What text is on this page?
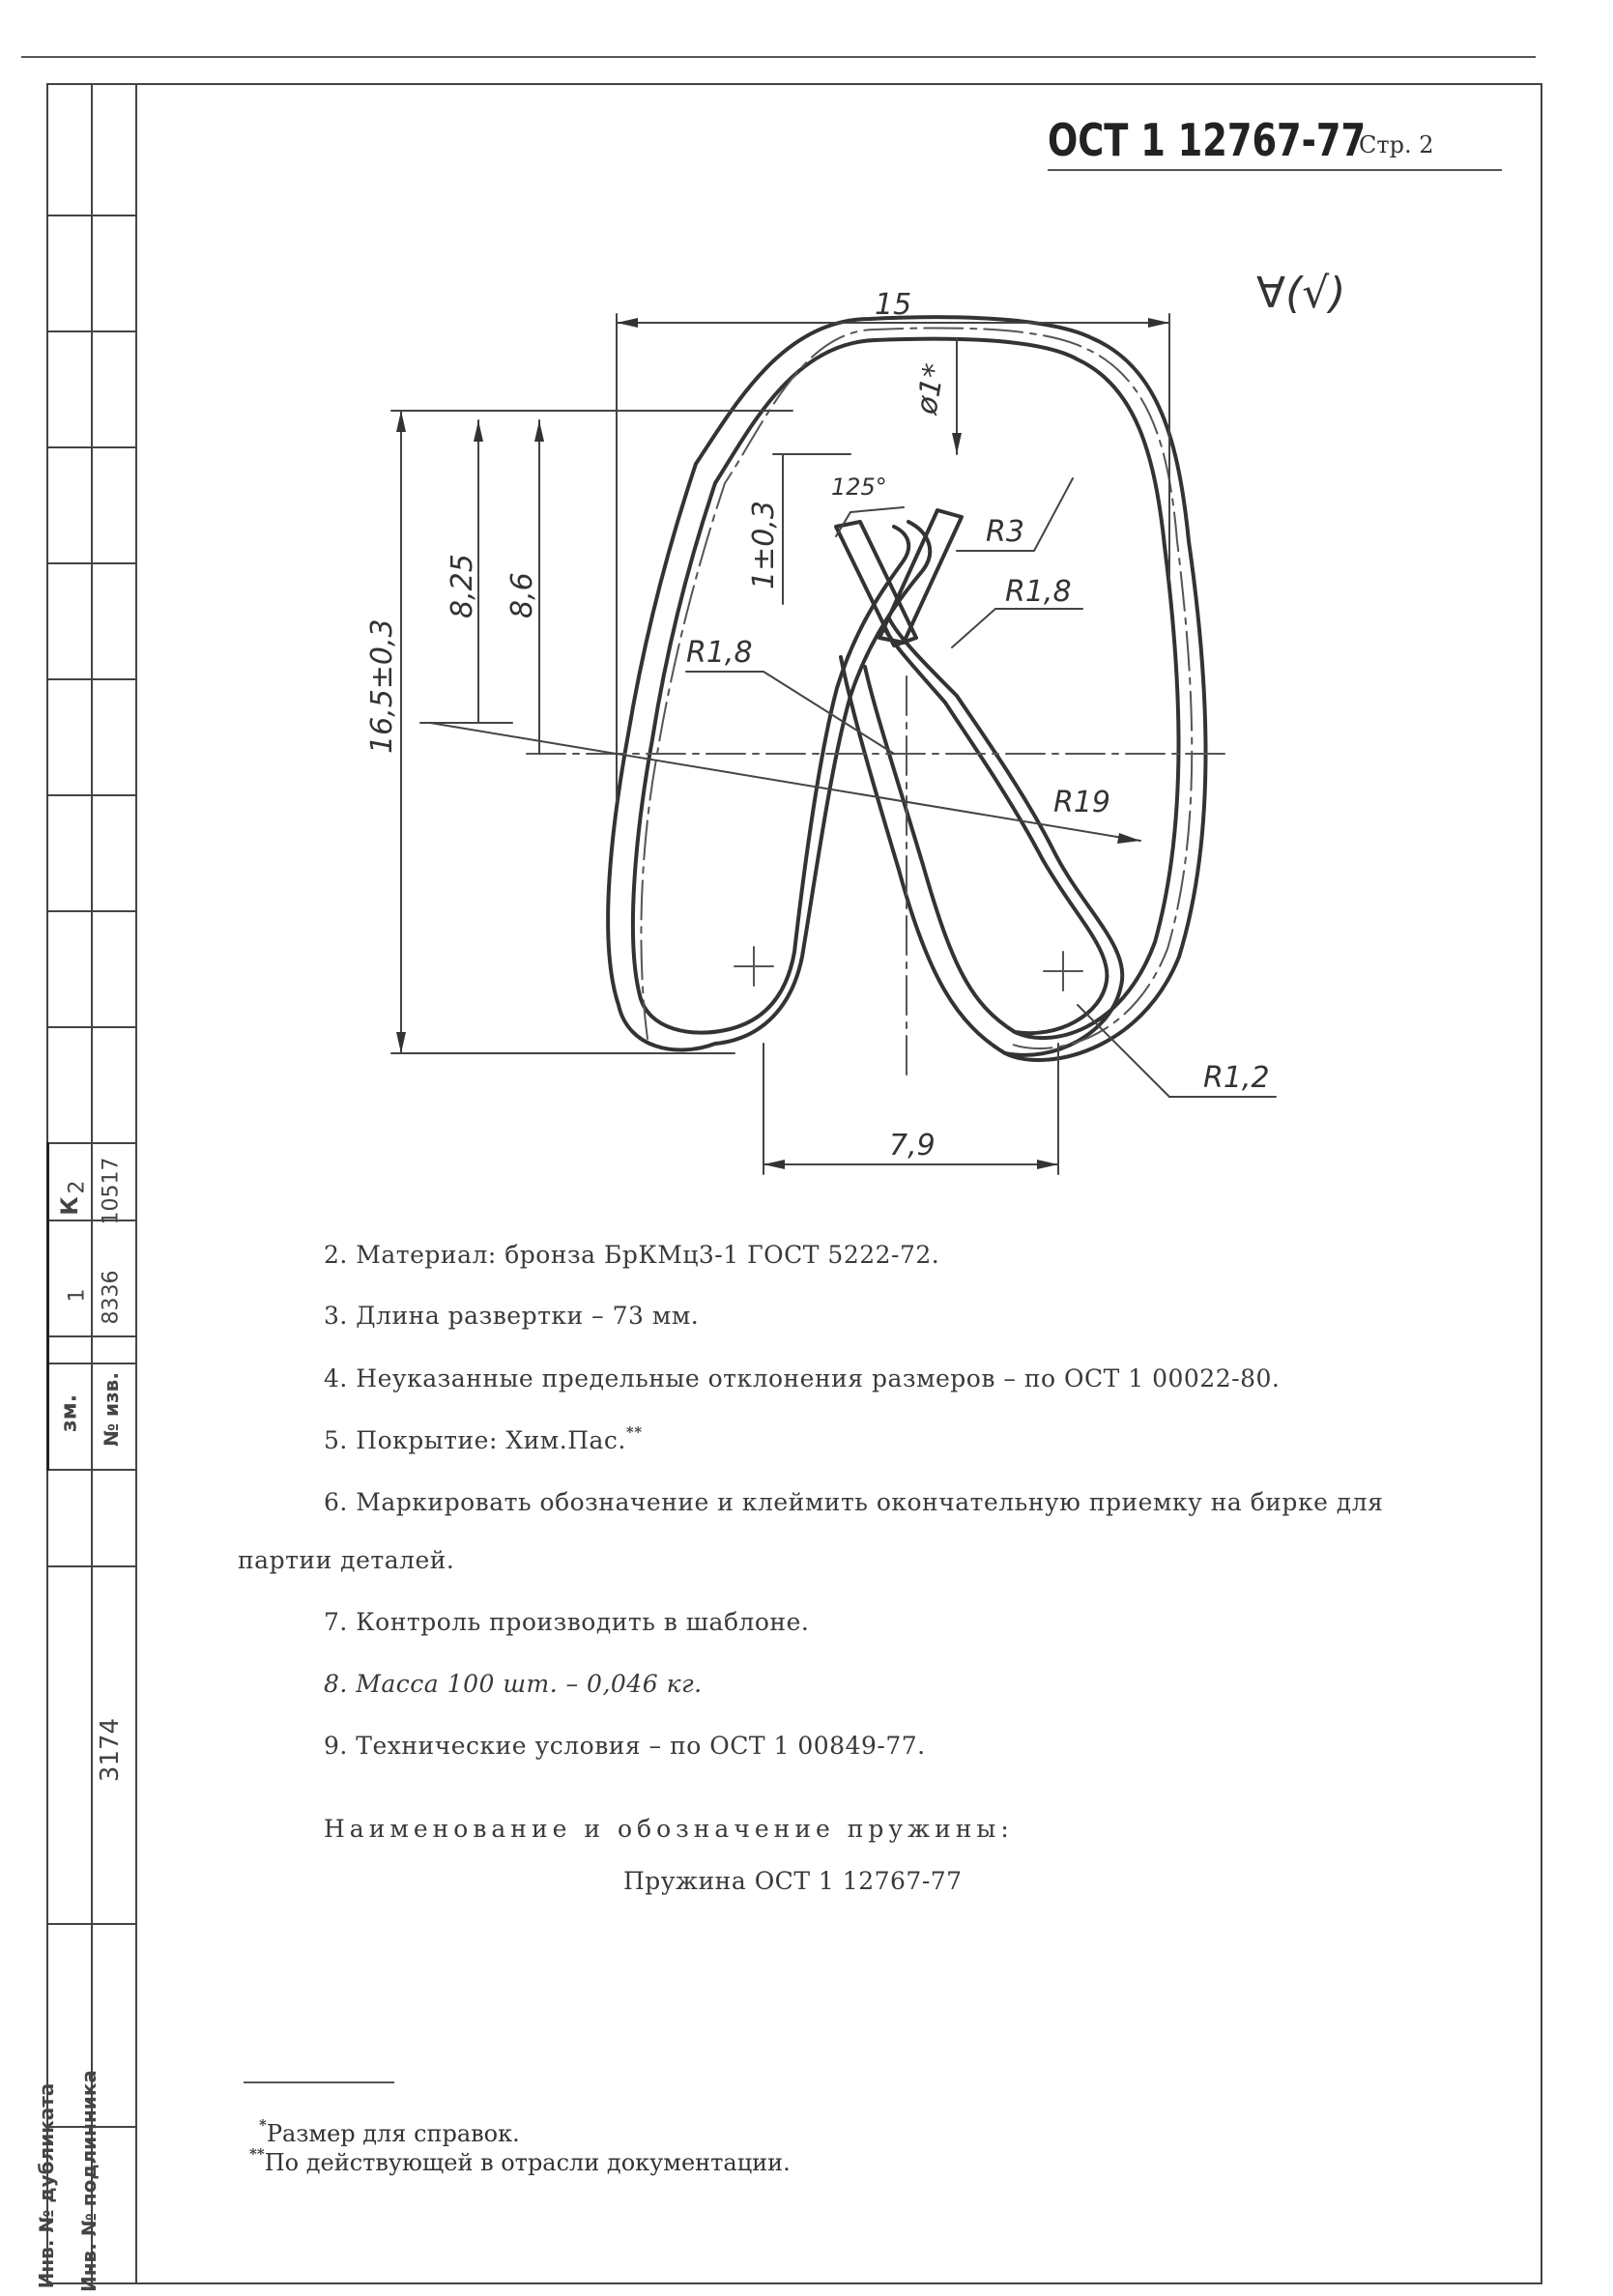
К
зм.
1
2
№ изв.
8336
10517
3174
Инв. № дубликата Инв. № подлинника
ОСТ 1 12767-77
Стр. 2
∀(√)
15
ø1*
125°
1±0,3
8,25 8,6
16,5±0,3
R3
R1,8
R1,8
R19
R1,2
7,9
2. Материал: бронза БрКМц3-1 ГОСТ 5222-72.
3. Длина развертки – 73 мм.
4. Неуказанные предельные отклонения размеров – по ОСТ 1 00022-80.
5. Покрытие: Хим.Пас.**
6. Маркировать обозначение и клеймить окончательную приемку на бирке для
партии деталей.
7. Контроль производить в шаблоне.
8. Масса 100 шт. – 0,046 кг.
9. Технические условия – по ОСТ 1 00849-77.
Наименование и обозначение пружины:
Пружина ОСТ 1 12767-77
*Размер для справок.
**По действующей в отрасли документации.
